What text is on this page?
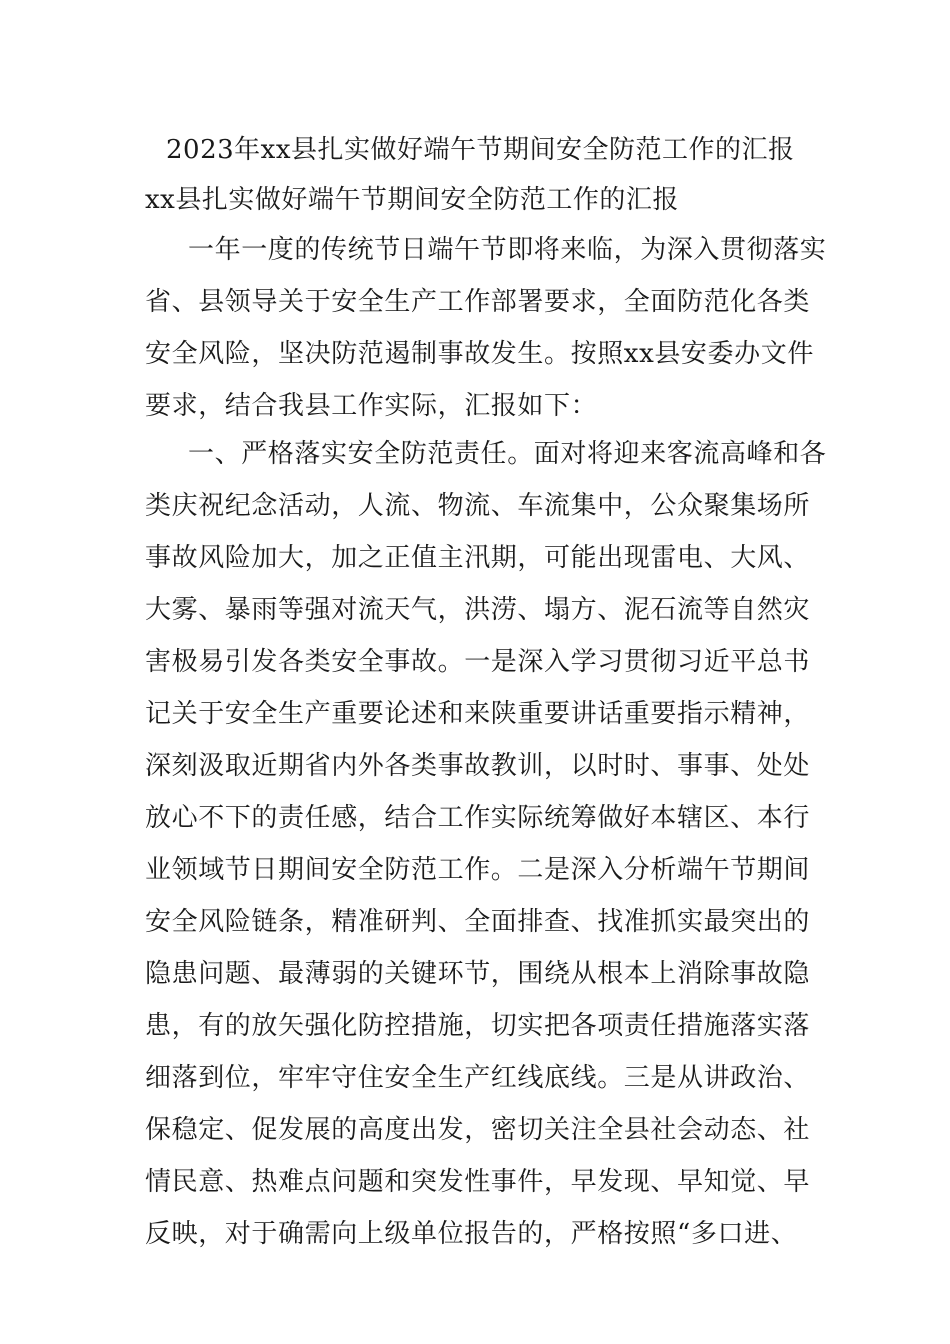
2023年xx县扎实做好端午节期间安全防范工作的汇报
xx县扎实做好端午节期间安全防范工作的汇报
一年一度的传统节日端午节即将来临，为深入贯彻落实
省、县领导关于安全生产工作部署要求，全面防范化各类
安全风险，坚决防范遏制事故发生。按照xx县安委办文件
要求，结合我县工作实际，汇报如下：
一、严格落实安全防范责任。面对将迎来客流高峰和各
类庆祝纪念活动，人流、物流、车流集中，公众聚集场所
事故风险加大，加之正值主汛期，可能出现雷电、大风、
大雾、暴雨等强对流天气，洪涝、塌方、泥石流等自然灾
害极易引发各类安全事故。一是深入学习贯彻习近平总书
记关于安全生产重要论述和来陕重要讲话重要指示精神，
深刻汲取近期省内外各类事故教训，以时时、事事、处处
放心不下的责任感，结合工作实际统筹做好本辖区、本行
业领域节日期间安全防范工作。二是深入分析端午节期间
安全风险链条，精准研判、全面排查、找准抓实最突出的
隐患问题、最薄弱的关键环节，围绕从根本上消除事故隐
患，有的放矢强化防控措施，切实把各项责任措施落实落
细落到位，牢牢守住安全生产红线底线。三是从讲政治、
保稳定、促发展的高度出发，密切关注全县社会动态、社
情民意、热难点问题和突发性事件，早发现、早知觉、早
反映，对于确需向上级单位报告的，严格按照“多口进、
